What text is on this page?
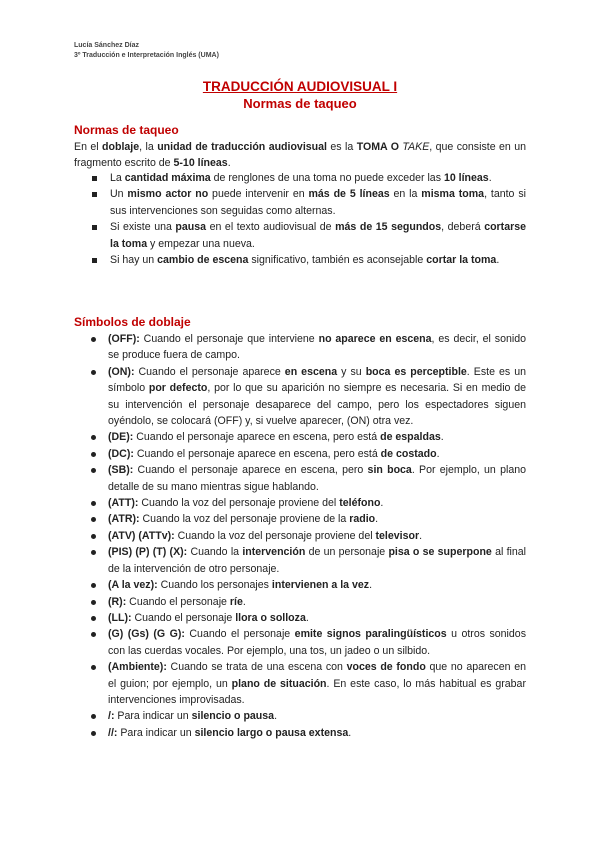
Lucía Sánchez Díaz
3º Traducción e Interpretación Inglés (UMA)
TRADUCCIÓN AUDIOVISUAL I
Normas de taqueo
Normas de taqueo
En el doblaje, la unidad de traducción audiovisual es la TOMA O TAKE, que consiste en un fragmento escrito de 5-10 líneas.
La cantidad máxima de renglones de una toma no puede exceder las 10 líneas.
Un mismo actor no puede intervenir en más de 5 líneas en la misma toma, tanto si sus intervenciones son seguidas como alternas.
Si existe una pausa en el texto audiovisual de más de 15 segundos, deberá cortarse la toma y empezar una nueva.
Si hay un cambio de escena significativo, también es aconsejable cortar la toma.
Símbolos de doblaje
(OFF): Cuando el personaje que interviene no aparece en escena, es decir, el sonido se produce fuera de campo.
(ON): Cuando el personaje aparece en escena y su boca es perceptible. Este es un símbolo por defecto, por lo que su aparición no siempre es necesaria. Si en medio de su intervención el personaje desaparece del campo, pero los espectadores siguen oyéndolo, se colocará (OFF) y, si vuelve aparecer, (ON) otra vez.
(DE): Cuando el personaje aparece en escena, pero está de espaldas.
(DC): Cuando el personaje aparece en escena, pero está de costado.
(SB): Cuando el personaje aparece en escena, pero sin boca. Por ejemplo, un plano detalle de su mano mientras sigue hablando.
(ATT): Cuando la voz del personaje proviene del teléfono.
(ATR): Cuando la voz del personaje proviene de la radio.
(ATV) (ATTv): Cuando la voz del personaje proviene del televisor.
(PIS) (P) (T) (X): Cuando la intervención de un personaje pisa o se superpone al final de la intervención de otro personaje.
(A la vez): Cuando los personajes intervienen a la vez.
(R): Cuando el personaje ríe.
(LL): Cuando el personaje llora o solloza.
(G) (Gs) (G G): Cuando el personaje emite signos paralingüísticos u otros sonidos con las cuerdas vocales. Por ejemplo, una tos, un jadeo o un silbido.
(Ambiente): Cuando se trata de una escena con voces de fondo que no aparecen en el guion; por ejemplo, un plano de situación. En este caso, lo más habitual es grabar intervenciones improvisadas.
/: Para indicar un silencio o pausa.
//: Para indicar un silencio largo o pausa extensa.
